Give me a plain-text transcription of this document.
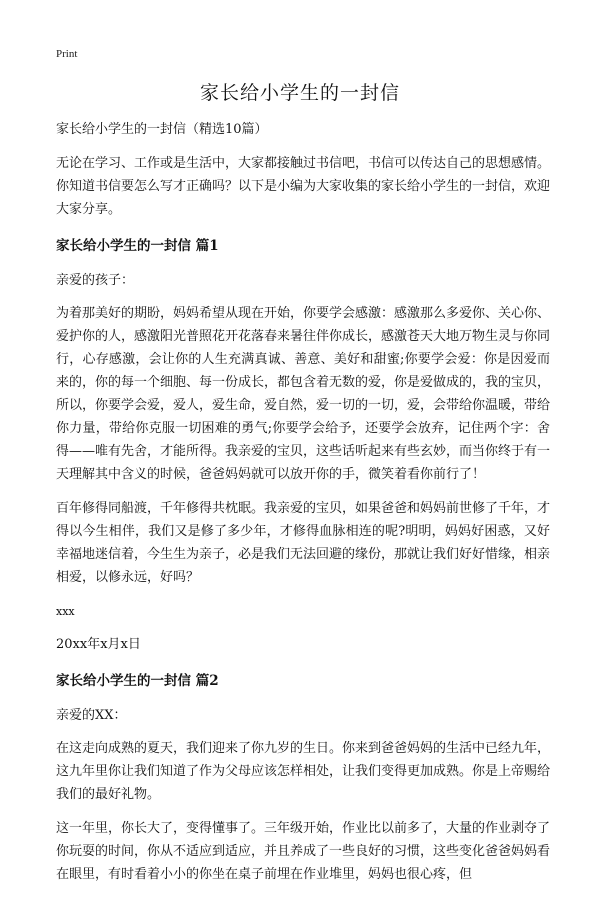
Print
家长给小学生的一封信

家长给小学生的一封信（精选10篇）

无论在学习、工作或是生活中，大家都接触过书信吧，书信可以传达自己的思想感情。你知道书信要怎么写才正确吗？以下是小编为大家收集的家长给小学生的一封信，欢迎大家分享。

家长给小学生的一封信 篇1

亲爱的孩子：

为着那美好的期盼，妈妈希望从现在开始，你要学会感激：感激那么多爱你、关心你、爱护你的人，感激阳光普照花开花落春来暑往伴你成长，感激苍天大地万物生灵与你同行，心存感激，会让你的人生充满真诚、善意、美好和甜蜜;你要学会爱：你是因爱而来的，你的每一个细胞、每一份成长，都包含着无数的爱，你是爱做成的，我的宝贝，所以，你要学会爱，爱人，爱生命，爱自然，爱一切的一切，爱，会带给你温暖，带给你力量，带给你克服一切困难的勇气;你要学会给予，还要学会放弃，记住两个字：舍得——唯有先舍，才能所得。我亲爱的宝贝，这些话听起来有些玄妙，而当你终于有一天理解其中含义的时候，爸爸妈妈就可以放开你的手，微笑着看你前行了！

百年修得同船渡，千年修得共枕眠。我亲爱的宝贝，如果爸爸和妈妈前世修了千年，才得以今生相伴，我们又是修了多少年，才修得血脉相连的呢?明明，妈妈好困惑，又好幸福地迷信着，今生生为亲子，必是我们无法回避的缘份，那就让我们好好惜缘，相亲相爱，以修永远，好吗？

xxx

20xx年x月x日

家长给小学生的一封信 篇2

亲爱的XX：

在这走向成熟的夏天，我们迎来了你九岁的生日。你来到爸爸妈妈的生活中已经九年，这九年里你让我们知道了作为父母应该怎样相处，让我们变得更加成熟。你是上帝赐给我们的最好礼物。

这一年里，你长大了，变得懂事了。三年级开始，作业比以前多了，大量的作业剥夺了你玩耍的时间，你从不适应到适应，并且养成了一些良好的习惯，这些变化爸爸妈妈看在眼里，有时看着小小的你坐在桌子前埋在作业堆里，妈妈也很心疼，但
